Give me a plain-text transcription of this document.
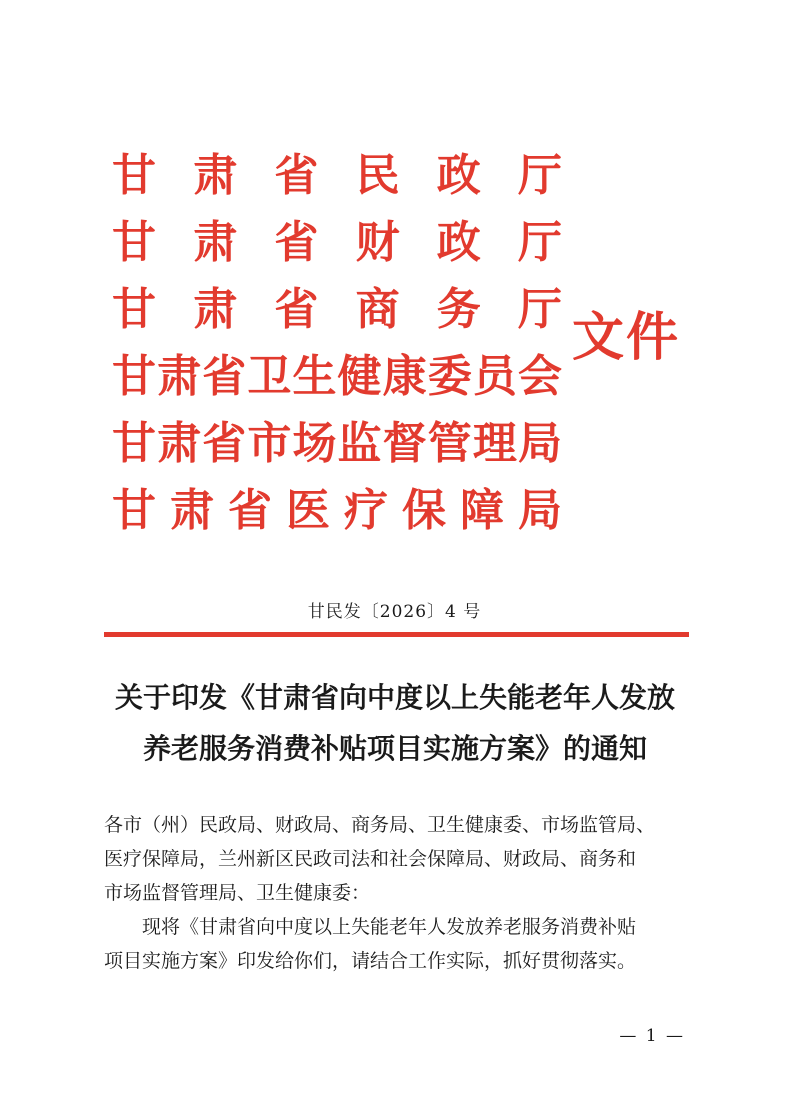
甘 肃 省 民 政 厅
甘 肃 省 财 政 厅
甘 肃 省 商 务 厅
甘 肃 省 卫 生 健 康 委 员 会
甘 肃 省 市 场 监 督 管 理 局
甘 肃 省 医 疗 保 障 局
文件
甘民发〔2026〕4 号
关于印发《甘肃省向中度以上失能老年人发放
养老服务消费补贴项目实施方案》的通知
各市（州）民政局、财政局、商务局、卫生健康委、市场监管局、
医疗保障局，兰州新区民政司法和社会保障局、财政局、商务和
市场监督管理局、卫生健康委：
现将《甘肃省向中度以上失能老年人发放养老服务消费补贴
项目实施方案》印发给你们，请结合工作实际，抓好贯彻落实。
— 1 —
